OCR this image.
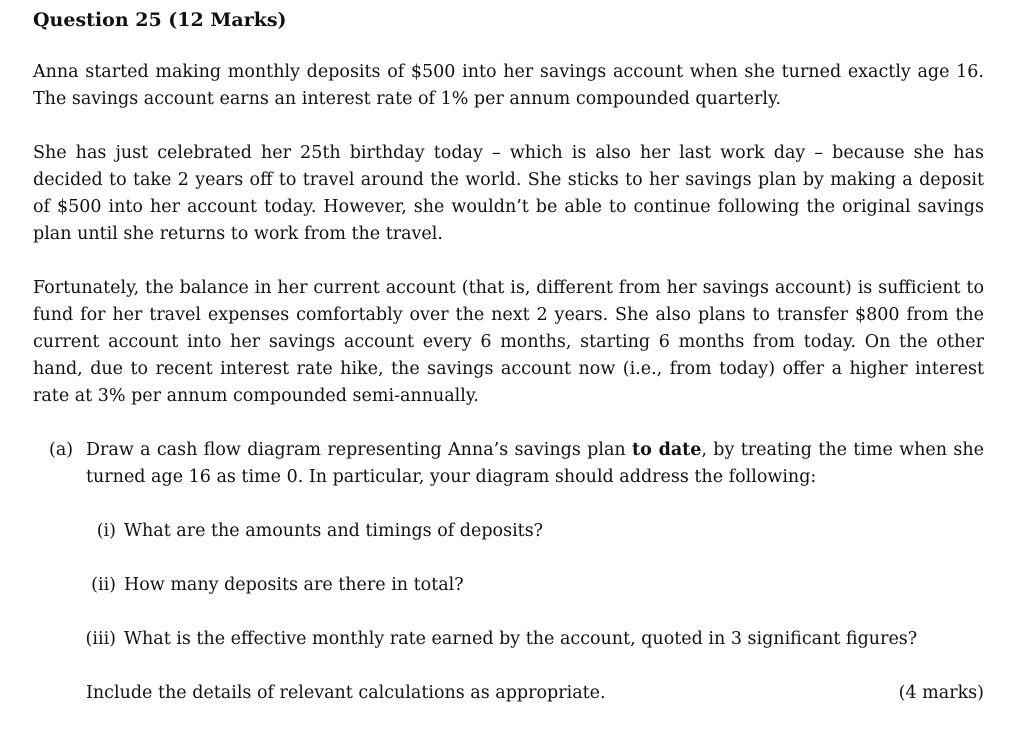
Question 25 (12 Marks)

Anna started making monthly deposits of $500 into her savings account when she turned exactly age 16. The savings account earns an interest rate of 1% per annum compounded quarterly.

She has just celebrated her 25th birthday today – which is also her last work day – because she has decided to take 2 years off to travel around the world. She sticks to her savings plan by making a deposit of $500 into her account today. However, she wouldn’t be able to continue following the original savings plan until she returns to work from the travel.

Fortunately, the balance in her current account (that is, different from her savings account) is sufficient to fund for her travel expenses comfortably over the next 2 years. She also plans to transfer $800 from the current account into her savings account every 6 months, starting 6 months from today. On the other hand, due to recent interest rate hike, the savings account now (i.e., from today) offer a higher interest rate at 3% per annum compounded semi-annually.

(a) Draw a cash flow diagram representing Anna’s savings plan to date, by treating the time when she turned age 16 as time 0. In particular, your diagram should address the following:
(i) What are the amounts and timings of deposits?
(ii) How many deposits are there in total?
(iii) What is the effective monthly rate earned by the account, quoted in 3 significant figures?
Include the details of relevant calculations as appropriate.	(4 marks)
